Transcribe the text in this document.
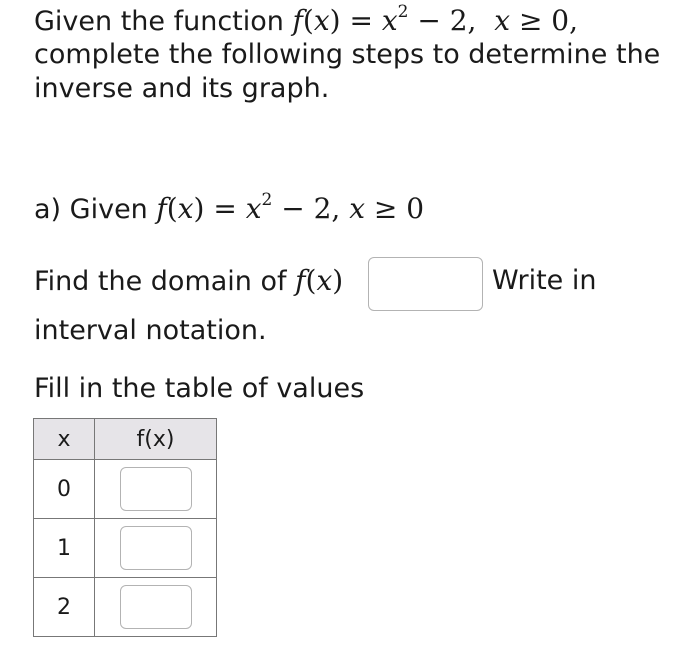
Given the function $f(x) = x^2 - 2$, x ≥ 0,
complete the following steps to determine the
inverse and its graph.
a) Given $f(x) = x^2 - 2$, x ≥ 0
Find the domain of f(x)	Write in
interval notation.
Fill in the table of values
x	f(x)
0	

1	

2	
